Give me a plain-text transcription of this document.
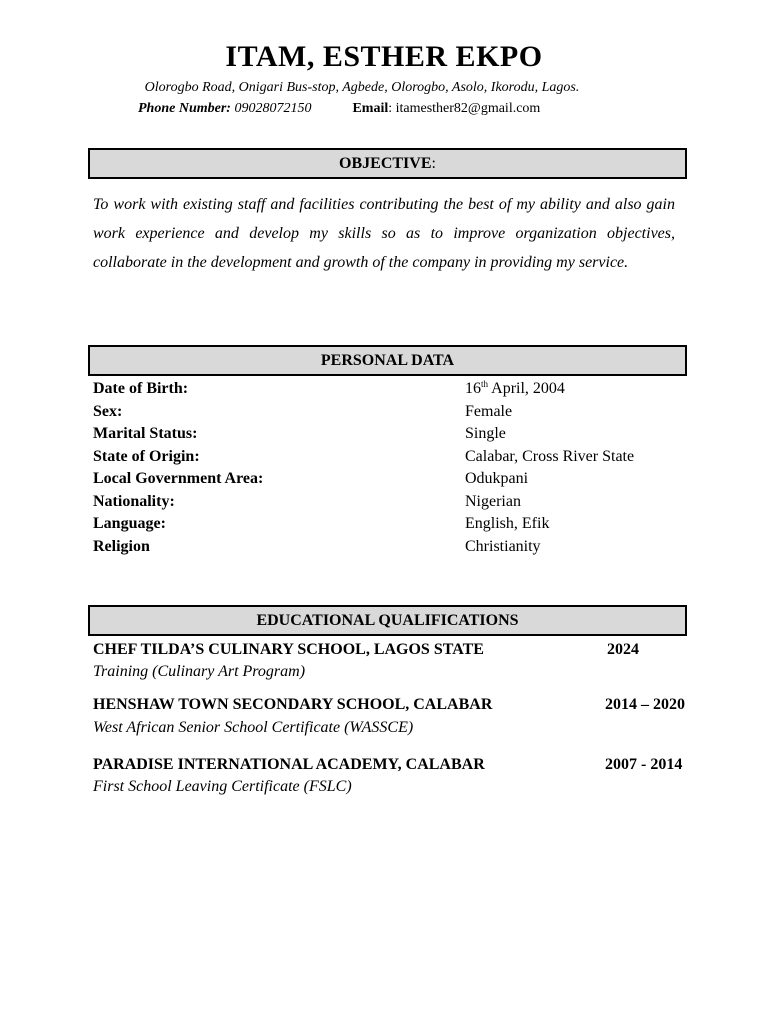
ITAM, ESTHER EKPO
Olorogbo Road, Onigari Bus-stop, Agbede, Olorogbo, Asolo, Ikorodu, Lagos.
Phone Number: 09028072150	Email: itamesther82@gmail.com
OBJECTIVE:
To work with existing staff and facilities contributing the best of my ability and also gain work experience and develop my skills so as to improve organization objectives, collaborate in the development and growth of the company in providing my service.
PERSONAL DATA
Date of Birth:	16th April, 2004
Sex:	Female
Marital Status:	Single
State of Origin:	Calabar, Cross River State
Local Government Area:	Odukpani
Nationality:	Nigerian
Language:	English, Efik
Religion	Christianity
EDUCATIONAL QUALIFICATIONS
CHEF TILDA’S CULINARY SCHOOL, LAGOS STATE	2024
Training (Culinary Art Program)
HENSHAW TOWN SECONDARY SCHOOL, CALABAR	2014 – 2020
West African Senior School Certificate (WASSCE)
PARADISE INTERNATIONAL ACADEMY, CALABAR	2007 - 2014
First School Leaving Certificate (FSLC)
